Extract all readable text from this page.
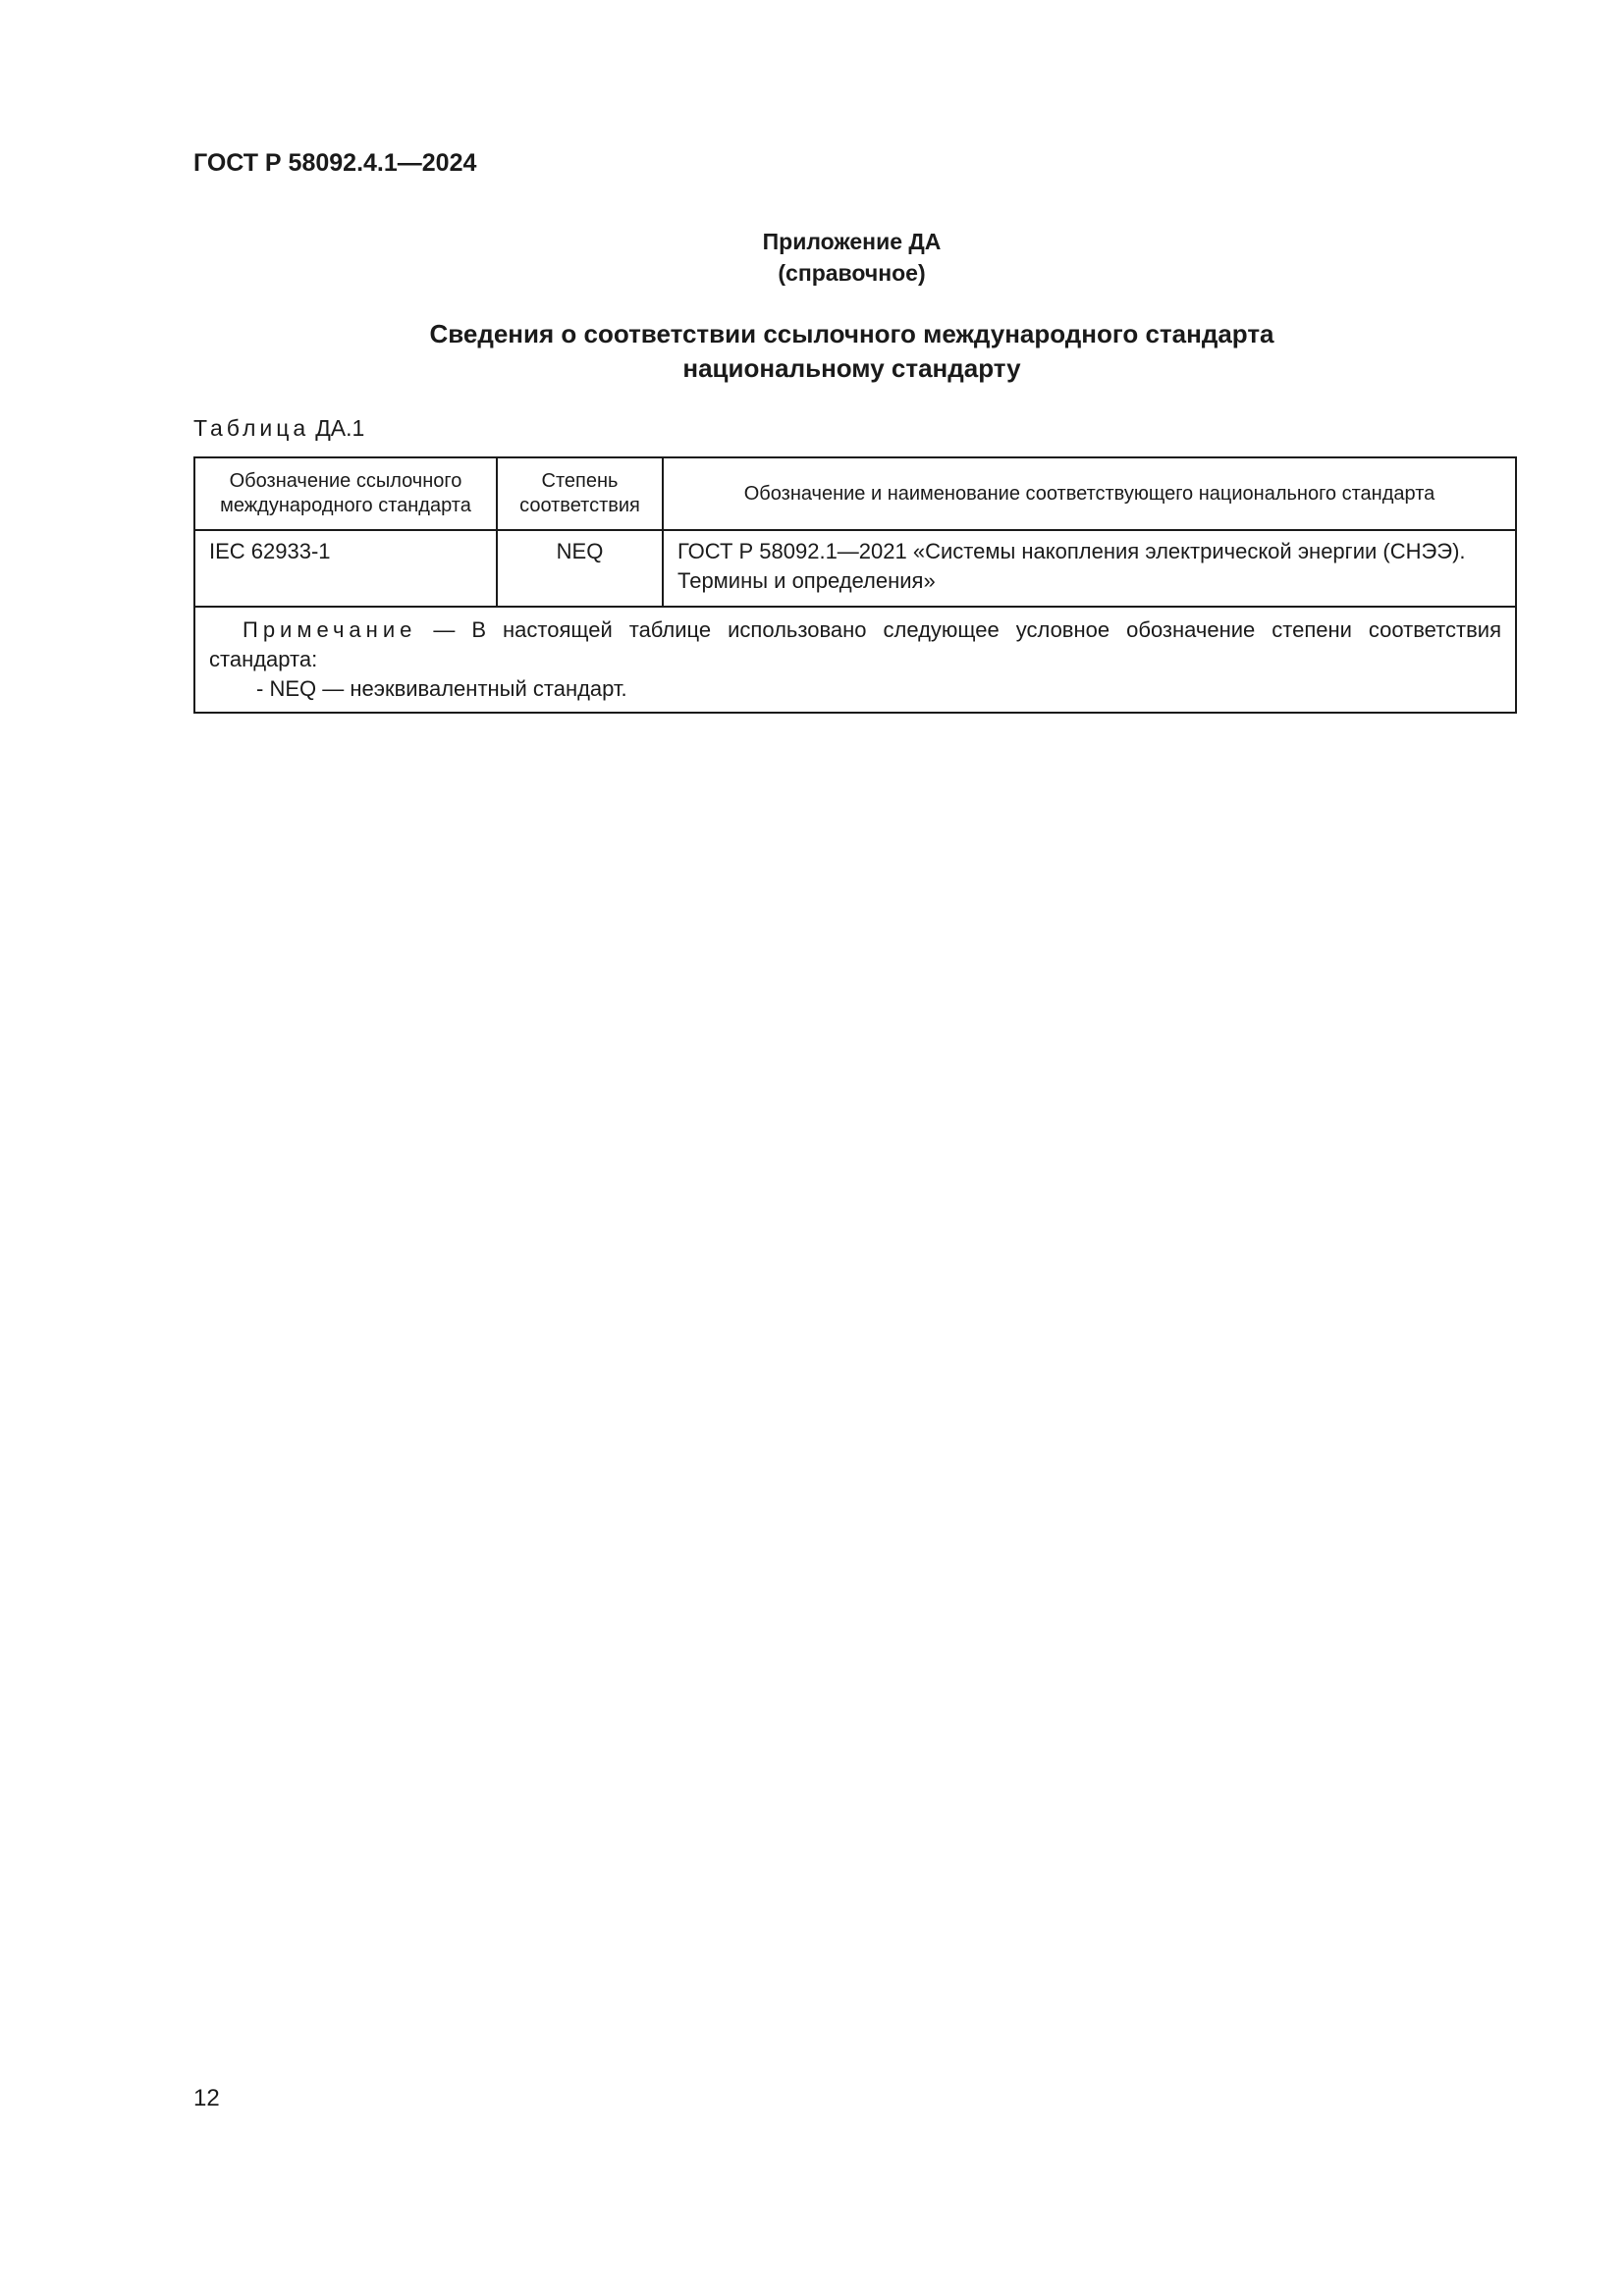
ГОСТ Р 58092.4.1—2024
Приложение ДА
(справочное)
Сведения о соответствии ссылочного международного стандарта
национальному стандарту
Таблица ДА.1
Обозначение ссылочного международного стандарта	Степень соответствия	Обозначение и наименование соответствующего национального стандарта
IEC 62933-1	NEQ	ГОСТ Р 58092.1—2021 «Системы накопления электрической энергии (СНЭЭ). Термины и определения»

Примечание — В настоящей таблице использовано следующее условное обозначение степени соответствия стандарта:
- NEQ — неэквивалентный стандарт.		
12
